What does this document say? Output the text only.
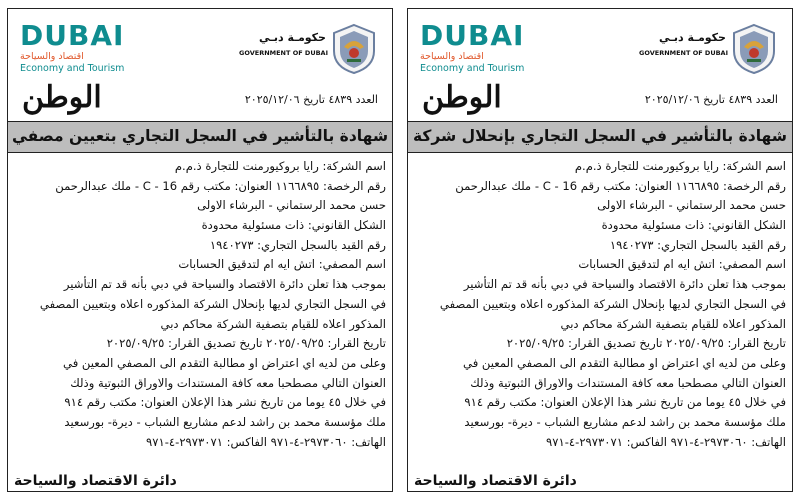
DUBAI
اقتصاد والسياحة
Economy and Tourism
حكومـة دبـي
GOVERNMENT OF DUBAI
العدد ٤٨٣٩ تاريخ ٢٠٢٥/١٢/٠٦
الوطن
شهادة بالتأشير في السجل التجاري بتعيين مصفي
اسم الشركة: رايا بروكيورمنت للتجارة ذ.م.م
رقم الرخصة: ١١٦٦٨٩٥ العنوان: مكتب رقم C - 16 - ملك عبدالرحمن
حسن محمد الرستماني - البرشاء الاولى
الشكل القانوني: ذات مسئولية محدودة
رقم القيد بالسجل التجاري: ١٩٤٠٢٧٣
اسم المصفي: اتش ايه ام لتدقيق الحسابات
بموجب هذا تعلن دائرة الاقتصاد والسياحة في دبي بأنه قد تم التأشير
في السجل التجاري لديها بإنحلال الشركة المذكوره اعلاه وبتعيين المصفي
المذكور اعلاه للقيام بتصفية الشركة محاكم دبي
تاريخ القرار: ٢٠٢٥/٠٩/٢٥ تاريخ تصديق القرار: ٢٠٢٥/٠٩/٢٥
وعلى من لديه اي اعتراض او مطالبة التقدم الى المصفي المعين في
العنوان التالي مصطحبا معه كافة المستندات والاوراق الثبوتية وذلك
في خلال ٤٥ يوما من تاريخ نشر هذا الإعلان العنوان: مكتب رقم ٩١٤
ملك مؤسسة محمد بن راشد لدعم مشاريع الشباب - ديرة- بورسعيد
الهاتف: ٢٩٧٣٠٦٠-٤-٩٧١ الفاكس: ٢٩٧٣٠٧١-٤-٩٧١
دائرة الاقتصاد والسياحة
DUBAI
اقتصاد والسياحة
Economy and Tourism
حكومـة دبـي
GOVERNMENT OF DUBAI
العدد ٤٨٣٩ تاريخ ٢٠٢٥/١٢/٠٦
الوطن
شهادة بالتأشير في السجل التجاري بإنحلال شركة
اسم الشركة: رايا بروكيورمنت للتجارة ذ.م.م
رقم الرخصة: ١١٦٦٨٩٥ العنوان: مكتب رقم C - 16 - ملك عبدالرحمن
حسن محمد الرستماني - البرشاء الاولى
الشكل القانوني: ذات مسئولية محدودة
رقم القيد بالسجل التجاري: ١٩٤٠٢٧٣
اسم المصفي: اتش ايه ام لتدقيق الحسابات
بموجب هذا تعلن دائرة الاقتصاد والسياحة في دبي بأنه قد تم التأشير
في السجل التجاري لديها بإنحلال الشركة المذكوره اعلاه وبتعيين المصفي
المذكور اعلاه للقيام بتصفية الشركة محاكم دبي
تاريخ القرار: ٢٠٢٥/٠٩/٢٥ تاريخ تصديق القرار: ٢٠٢٥/٠٩/٢٥
وعلى من لديه اي اعتراض او مطالبة التقدم الى المصفي المعين في
العنوان التالي مصطحبا معه كافة المستندات والاوراق الثبوتية وذلك
في خلال ٤٥ يوما من تاريخ نشر هذا الإعلان العنوان: مكتب رقم ٩١٤
ملك مؤسسة محمد بن راشد لدعم مشاريع الشباب - ديرة- بورسعيد
الهاتف: ٢٩٧٣٠٦٠-٤-٩٧١ الفاكس: ٢٩٧٣٠٧١-٤-٩٧١
دائرة الاقتصاد والسياحة
